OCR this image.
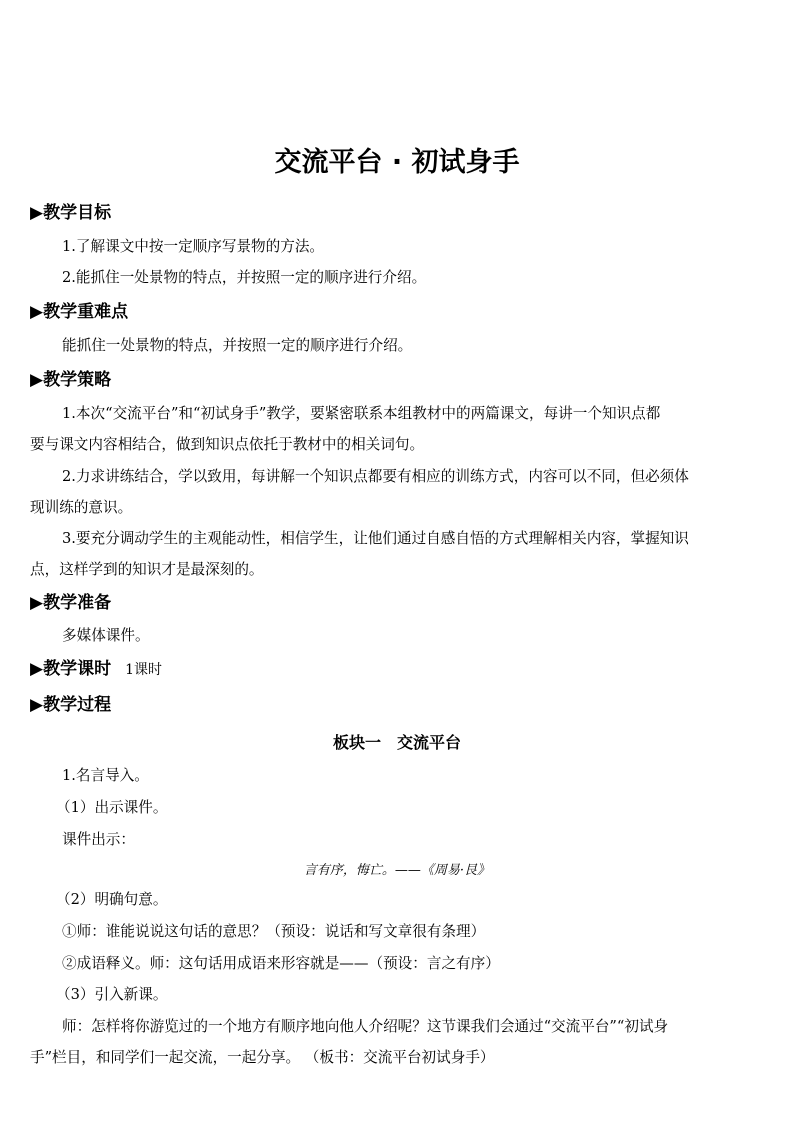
交流平台 · 初试身手
▶教学目标
1.了解课文中按一定顺序写景物的方法。
2.能抓住一处景物的特点，并按照一定的顺序进行介绍。
▶教学重难点
能抓住一处景物的特点，并按照一定的顺序进行介绍。
▶教学策略
1.本次“交流平台”和“初试身手”教学，要紧密联系本组教材中的两篇课文，每讲一个知识点都
要与课文内容相结合，做到知识点依托于教材中的相关词句。
2.力求讲练结合，学以致用，每讲解一个知识点都要有相应的训练方式，内容可以不同，但必须体
现训练的意识。
3.要充分调动学生的主观能动性，相信学生，让他们通过自感自悟的方式理解相关内容，掌握知识
点，这样学到的知识才是最深刻的。
▶教学准备
多媒体课件。
▶教学课时 1课时
▶教学过程
板块一　交流平台
1.名言导入。
（1）出示课件。
课件出示：
言有序，悔亡。——《周易·艮》
（2）明确句意。
①师：谁能说说这句话的意思？（预设：说话和写文章很有条理）
②成语释义。师：这句话用成语来形容就是——（预设：言之有序）
（3）引入新课。
师：怎样将你游览过的一个地方有顺序地向他人介绍呢？这节课我们会通过“交流平台”“初试身
手”栏目，和同学们一起交流，一起分享。 （板书：交流平台初试身手）
